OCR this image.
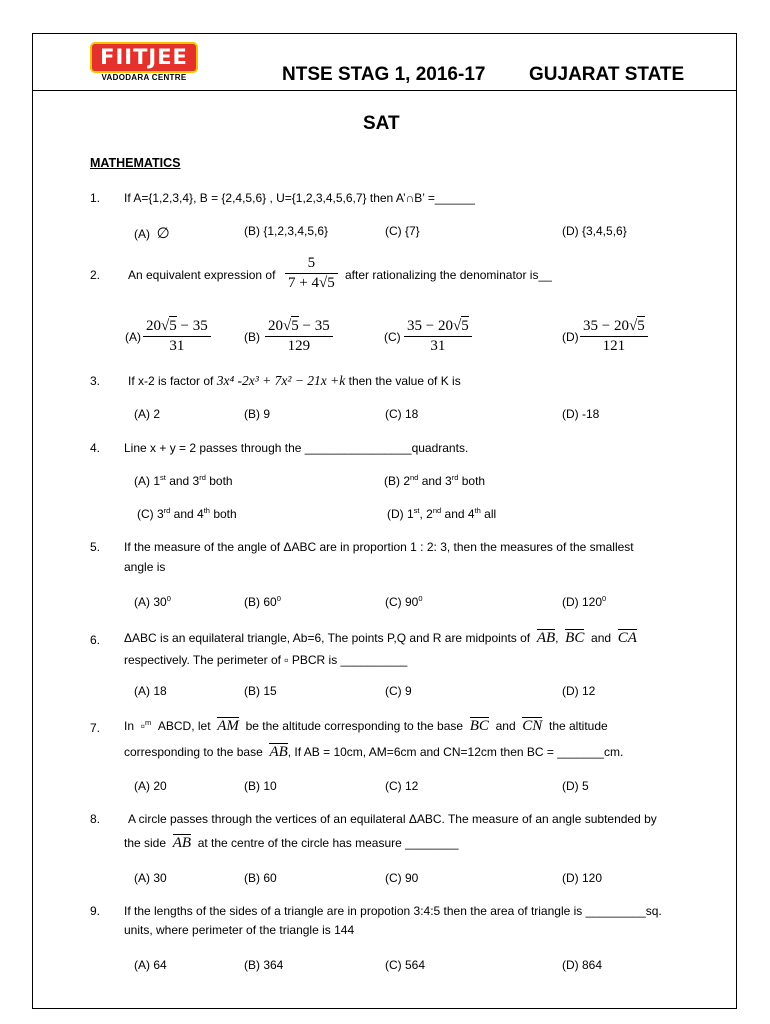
FIITJEE
VADODARA CENTRE	NTSE STAG 1, 2016-17 GUJARAT STATE
SAT
MATHEMATICS
1. If A={1,2,3,4}, B = {2,4,5,6} , U={1,2,3,4,5,6,7} then A’∩B’ =______
(A) ∅	(B) {1,2,3,4,5,6}	(C) {7}	(D) {3,4,5,6}
2. An equivalent expression of $\frac{5}{7 + 4√5}$ after rationalizing the denominator is__
$(A) \frac{20√5 - 35}{31}$	$(B) \frac{20√5 - 35}{129}$	$(C) \frac{35 - 20√5}{31}$	$(D) \frac{35 - 20√5}{121}$
3. If x-2 is factor of 3x⁴ -2x³ + 7x² − 21x +k then the value of K is
(A) 2	(B) 9	(C) 18	(D) -18
4. Line x + y = 2 passes through the ________________quadrants.
(A) 1st and 3rd both	(B) 2nd and 3rd both
(C) 3rd and 4th both	(D) 1st, 2nd and 4th all
5. If the measure of the angle of ΔABC are in proportion 1 : 2: 3, then the measures of the smallest
angle is
(A) $30^0$	(B) $60^0$	(C) $90^0$	(D) $120^0$
6. ΔABC is an equilateral triangle, Ab=6, The points P,Q and R are midpoints of AB, BC and CA
respectively. The perimeter of ▫ PBCR is __________
(A) 18	(B) 15	(C) 9	(D) 12
7. In ▫$^m$ ABCD, let AM be the altitude corresponding to the base BC and CN the altitude
corresponding to the base AB, If AB = 10cm, AM=6cm and CN=12cm then BC = _______cm.
(A) 20	(B) 10	(C) 12	(D) 5
8. A circle passes through the vertices of an equilateral ΔABC. The measure of an angle subtended by
the side AB at the centre of the circle has measure ________
(A) 30	(B) 60	(C) 90	(D) 120
9. If the lengths of the sides of a triangle are in propotion 3:4:5 then the area of triangle is _________sq.
units, where perimeter of the triangle is 144
(A) 64	(B) 364	(C) 564	(D) 864
